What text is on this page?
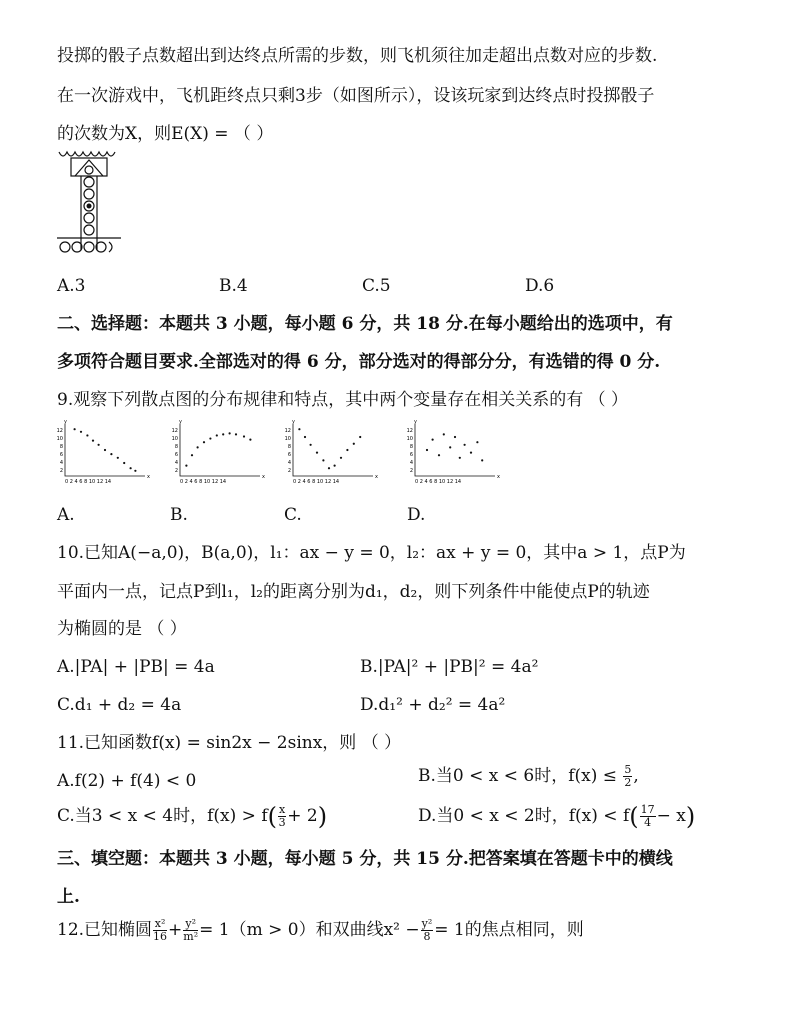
投掷的骰子点数超出到达终点所需的步数，则飞机须往加走超出点数对应的步数.
在一次游戏中，飞机距终点只剩3步（如图所示），设该玩家到达终点时投掷骰子
的次数为X，则E(X) = （ ）
A.3	B.4	C.5	D.6
二、选择题：本题共 3 小题，每小题 6 分，共 18 分.在每小题给出的选项中，有
多项符合题目要求.全部选对的得 6 分，部分选对的得部分分，有选错的得 0 分.
9.观察下列散点图的分布规律和特点，其中两个变量存在相关关系的有 （ ）
12
10
8
6
4
2
0 2 4 6 8 10 12 14
x
y
12
10
8
6
4
2
0 2 4 6 8 10 12 14
x
y
12
10
8
6
4
2
0 2 4 6 8 10 12 14
x
y
12
10
8
6
4
2
0 2 4 6 8 10 12 14
x
y
A.	B.	C.	D.
10.已知A(−a,0)，B(a,0)，l₁：ax − y = 0，l₂：ax + y = 0，其中a > 1，点P为
平面内一点，记点P到l₁，l₂的距离分别为d₁，d₂，则下列条件中能使点P的轨迹
为椭圆的是 （ ）
A.|PA| + |PB| = 4a	B.|PA|² + |PB|² = 4a²
C.d₁ + d₂ = 4a	D.d₁² + d₂² = 4a²
11.已知函数f(x) = sin2x − 2sinx，则 （ ）
A.f(2) + f(4) < 0	B.当0 < x < 6时，$f(x) \le \frac{5}{2}$ ,
C.当3 < x < 4时，$f(x) > f( \frac{x}{3} + 2)$	D.当0 < x < 2时，$f(x) < f( \frac{17}{4} - x)$
三、填空题：本题共 3 小题，每小题 5 分，共 15 分.把答案填在答题卡中的横线
上.
12.已知椭圆 $\frac{\text{x²}}{16} + \frac{\text{y²}}{\text{m²}} = 1(m > 0)$和双曲线$x^2 - \frac{\text{y²}}{8} = 1$的焦点相同，则
